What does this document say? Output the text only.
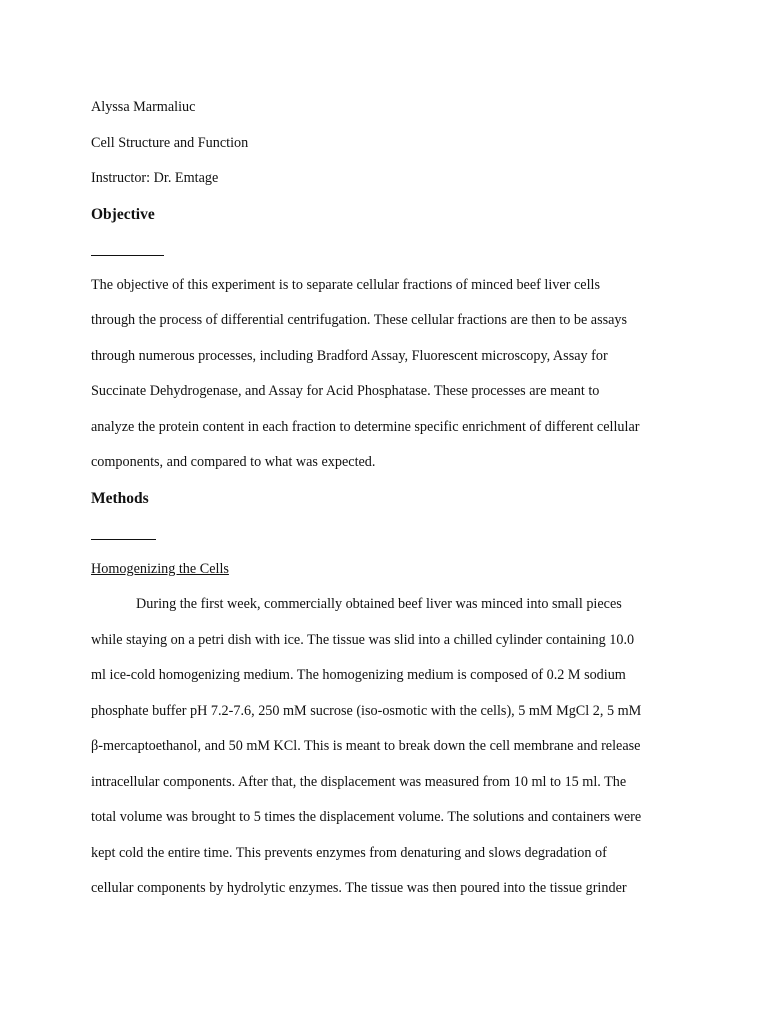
Alyssa Marmaliuc

Cell Structure and Function

Instructor: Dr. Emtage

Objective

The objective of this experiment is to separate cellular fractions of minced beef liver cells
through the process of differential centrifugation. These cellular fractions are then to be assays
through numerous processes, including Bradford Assay, Fluorescent microscopy, Assay for
Succinate Dehydrogenase, and Assay for Acid Phosphatase. These processes are meant to
analyze the protein content in each fraction to determine specific enrichment of different cellular
components, and compared to what was expected.

Methods

Homogenizing the Cells

During the first week, commercially obtained beef liver was minced into small pieces
while staying on a petri dish with ice. The tissue was slid into a chilled cylinder containing 10.0
ml ice-cold homogenizing medium. The homogenizing medium is composed of 0.2 M sodium
phosphate buffer pH 7.2-7.6, 250 mM sucrose (iso-osmotic with the cells), 5 mM MgCl 2, 5 mM
β-mercaptoethanol, and 50 mM KCl. This is meant to break down the cell membrane and release
intracellular components. After that, the displacement was measured from 10 ml to 15 ml. The
total volume was brought to 5 times the displacement volume. The solutions and containers were
kept cold the entire time. This prevents enzymes from denaturing and slows degradation of
cellular components by hydrolytic enzymes. The tissue was then poured into the tissue grinder
